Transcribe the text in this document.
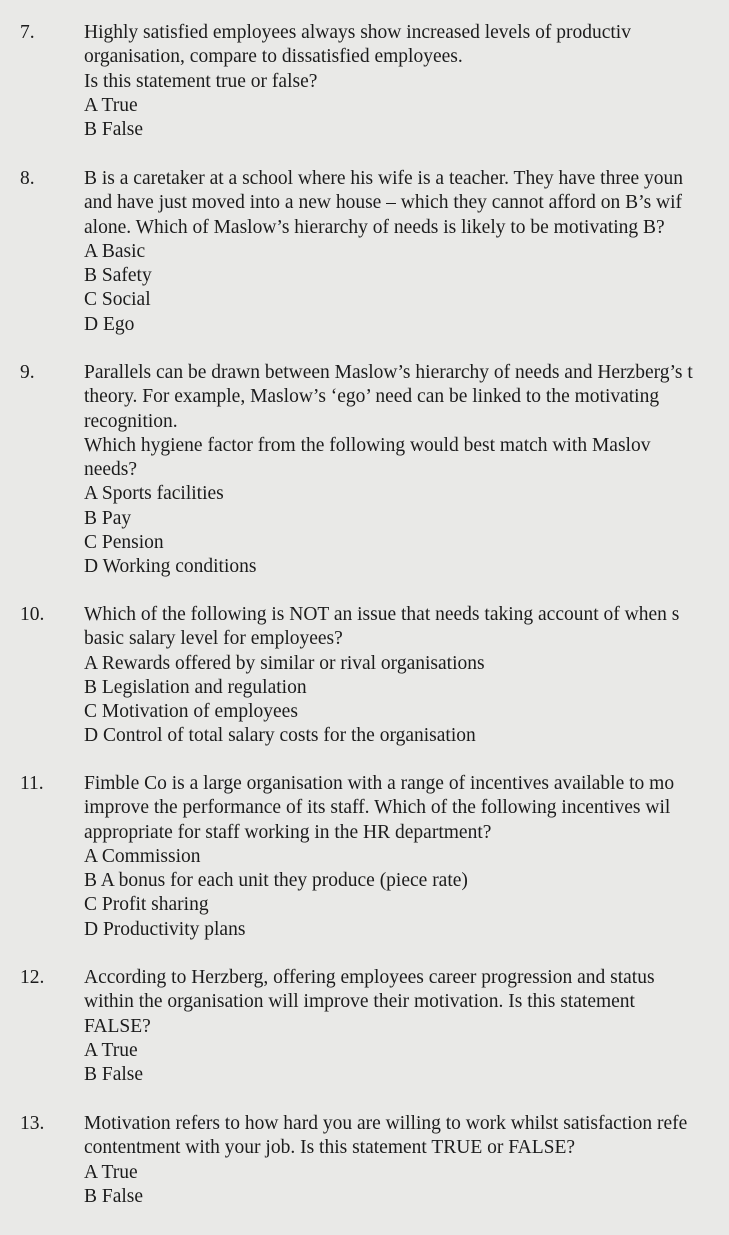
7.	Highly satisfied employees always show increased levels of productiv
organisation, compare to dissatisfied employees.
Is this statement true or false?
A True
B False
8.	B is a caretaker at a school where his wife is a teacher. They have three youn
and have just moved into a new house – which they cannot afford on B’s wif
alone. Which of Maslow’s hierarchy of needs is likely to be motivating B?
A Basic
B Safety
C Social
D Ego
9.	Parallels can be drawn between Maslow’s hierarchy of needs and Herzberg’s t
theory. For example, Maslow’s ‘ego’ need can be linked to the motivating
recognition.
Which hygiene factor from the following would best match with Maslov
needs?
A Sports facilities
B Pay
C Pension
D Working conditions
10.	Which of the following is NOT an issue that needs taking account of when s
basic salary level for employees?
A Rewards offered by similar or rival organisations
B Legislation and regulation
C Motivation of employees
D Control of total salary costs for the organisation
11.	Fimble Co is a large organisation with a range of incentives available to mo
improve the performance of its staff. Which of the following incentives wil
appropriate for staff working in the HR department?
A Commission
B A bonus for each unit they produce (piece rate)
C Profit sharing
D Productivity plans
12.	According to Herzberg, offering employees career progression and status
within the organisation will improve their motivation. Is this statement
FALSE?
A True
B False
13.	Motivation refers to how hard you are willing to work whilst satisfaction refe
contentment with your job. Is this statement TRUE or FALSE?
A True
B False
